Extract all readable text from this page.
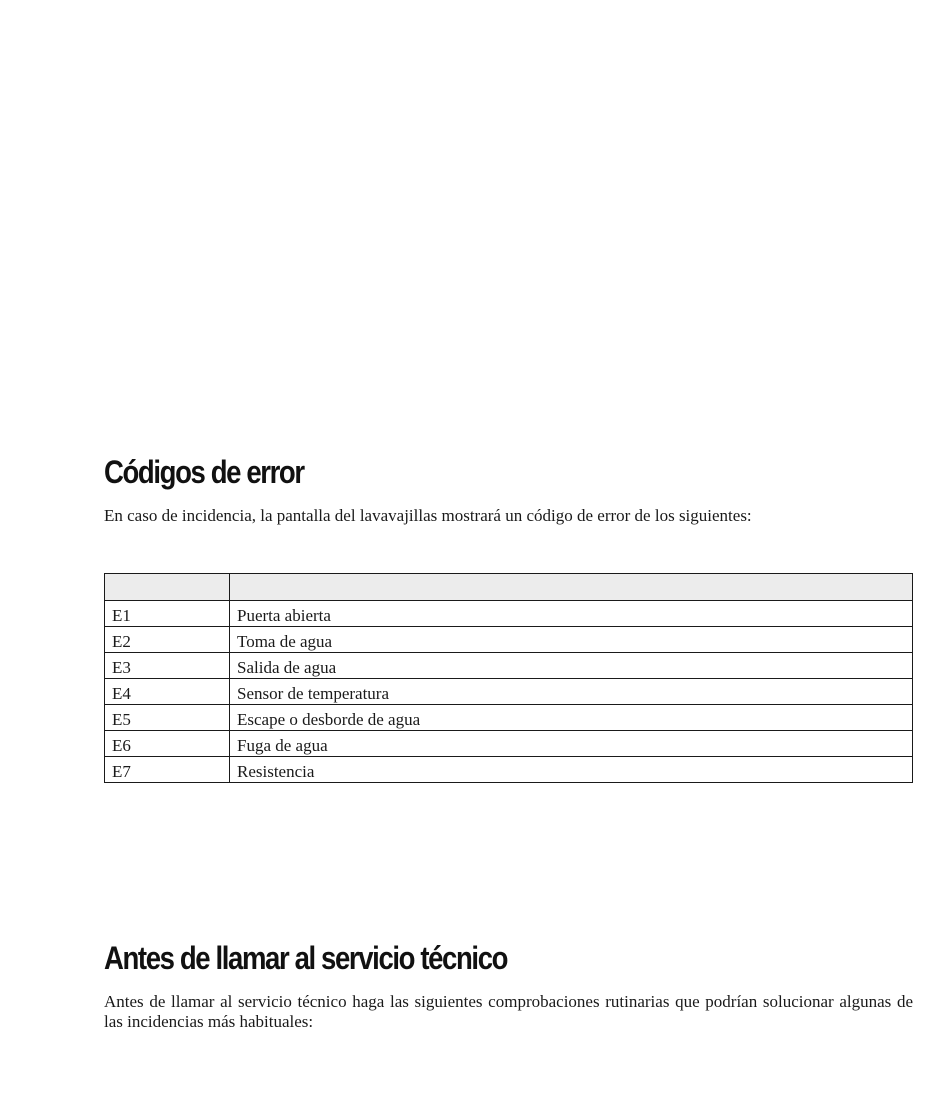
Códigos de error

En caso de incidencia, la pantalla del lavavajillas mostrará un código de error de los siguientes:

E1	Puerta abierta
E2	Toma de agua
E3	Salida de agua
E4	Sensor de temperatura
E5	Escape o desborde de agua
E6	Fuga de agua
E7	Resistencia
Antes de llamar al servicio técnico

Antes de llamar al servicio técnico haga las siguientes comprobaciones rutinarias que podrían solucionar algunas de las incidencias más habituales:
